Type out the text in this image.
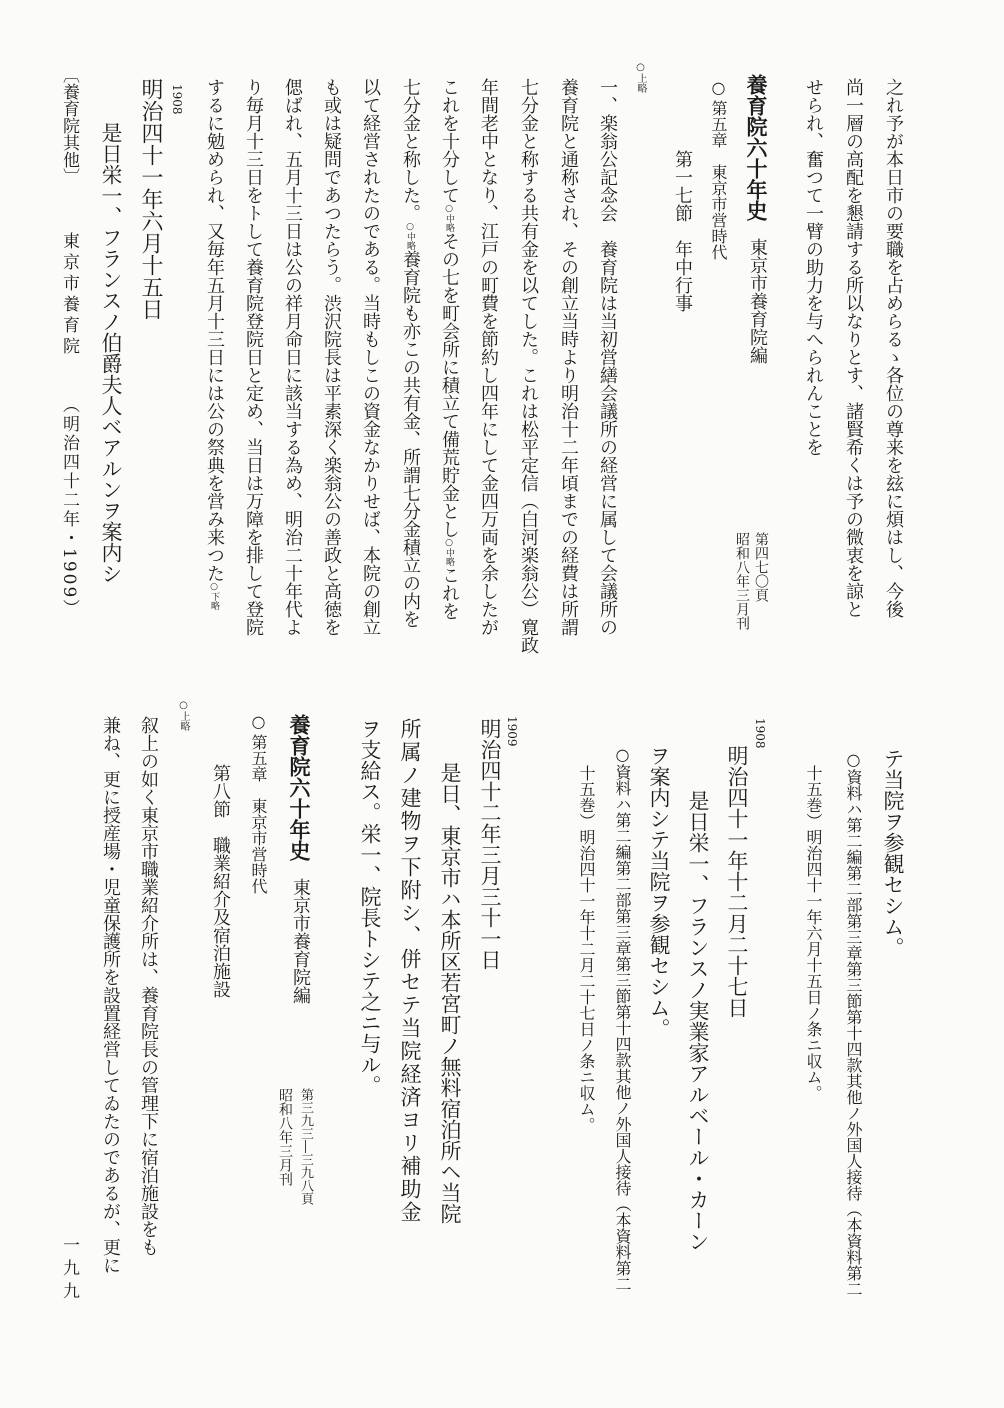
之れ予が本日市の要職を占めらるゝ各位の尊来を玆に煩はし、今後

尚一層の高配を懇請する所以なりとす、諸賢希くは予の微衷を諒と

せられ、奮つて一臂の助力を与へられんことを

養育院六十年史

東京市養育院編

第四七〇頁

昭和八年三月刊

○

第五章　東京市営時代

第一七節　年中行事

○上略

一、楽翁公記念会　養育院は当初営繕会議所の経営に属して会議所の

養育院と通称され、その創立当時より明治十二年頃までの経費は所謂

七分金と称する共有金を以てした。これは松平定信（白河楽翁公）寛政

年間老中となり、江戸の町費を節約し四年にして金四万両を余したが

これを十分して○中略その七を町会所に積立て備荒貯金とし○中略これを

七分金と称した。○中略養育院も亦この共有金、所謂七分金積立の内を

以て経営されたのである。当時もしこの資金なかりせば、本院の創立

も或は疑問であつたらう。渋沢院長は平素深く楽翁公の善政と高徳を

偲ばれ、五月十三日は公の祥月命日に該当する為め、明治二十年代よ

り毎月十三日をトして養育院登院日と定め、当日は万障を排して登院

するに勉められ、又毎年五月十三日には公の祭典を営み来つた○下略

1908

明治四十一年六月十五日

是日栄一、フランスノ伯爵夫人ベアルンヲ案内シ

〔養育院其他〕

東京市養育院

（明治四十二年・1909）

テ当院ヲ参観セシム。

○資料ハ第二編第二部第三章第三節第十四款其他ノ外国人接待（本資料第二

十五巻）明治四十一年六月十五日ノ条ニ収ム。

1908

明治四十一年十二月二十七日

是日栄一、フランスノ実業家アルベール・カーン

ヲ案内シテ当院ヲ参観セシム。

○資料ハ第二編第二部第三章第三節第十四款其他ノ外国人接待（本資料第二

十五巻）明治四十一年十二月二十七日ノ条ニ収ム。

1909

明治四十二年三月三十一日

是日、東京市ハ本所区若宮町ノ無料宿泊所ヘ当院

所属ノ建物ヲ下附シ、併セテ当院経済ヨリ補助金

ヲ支給ス。栄一、院長トシテ之ニ与ル。

養育院六十年史

東京市養育院編

第三九三―三九八頁

昭和八年三月刊

○

第五章　東京市営時代

第八節　職業紹介及宿泊施設

○上略

叙上の如く東京市職業紹介所は、養育院長の管理下に宿泊施設をも

兼ね、更に授産場・児童保護所を設置経営してゐたのであるが、更に

一九九
